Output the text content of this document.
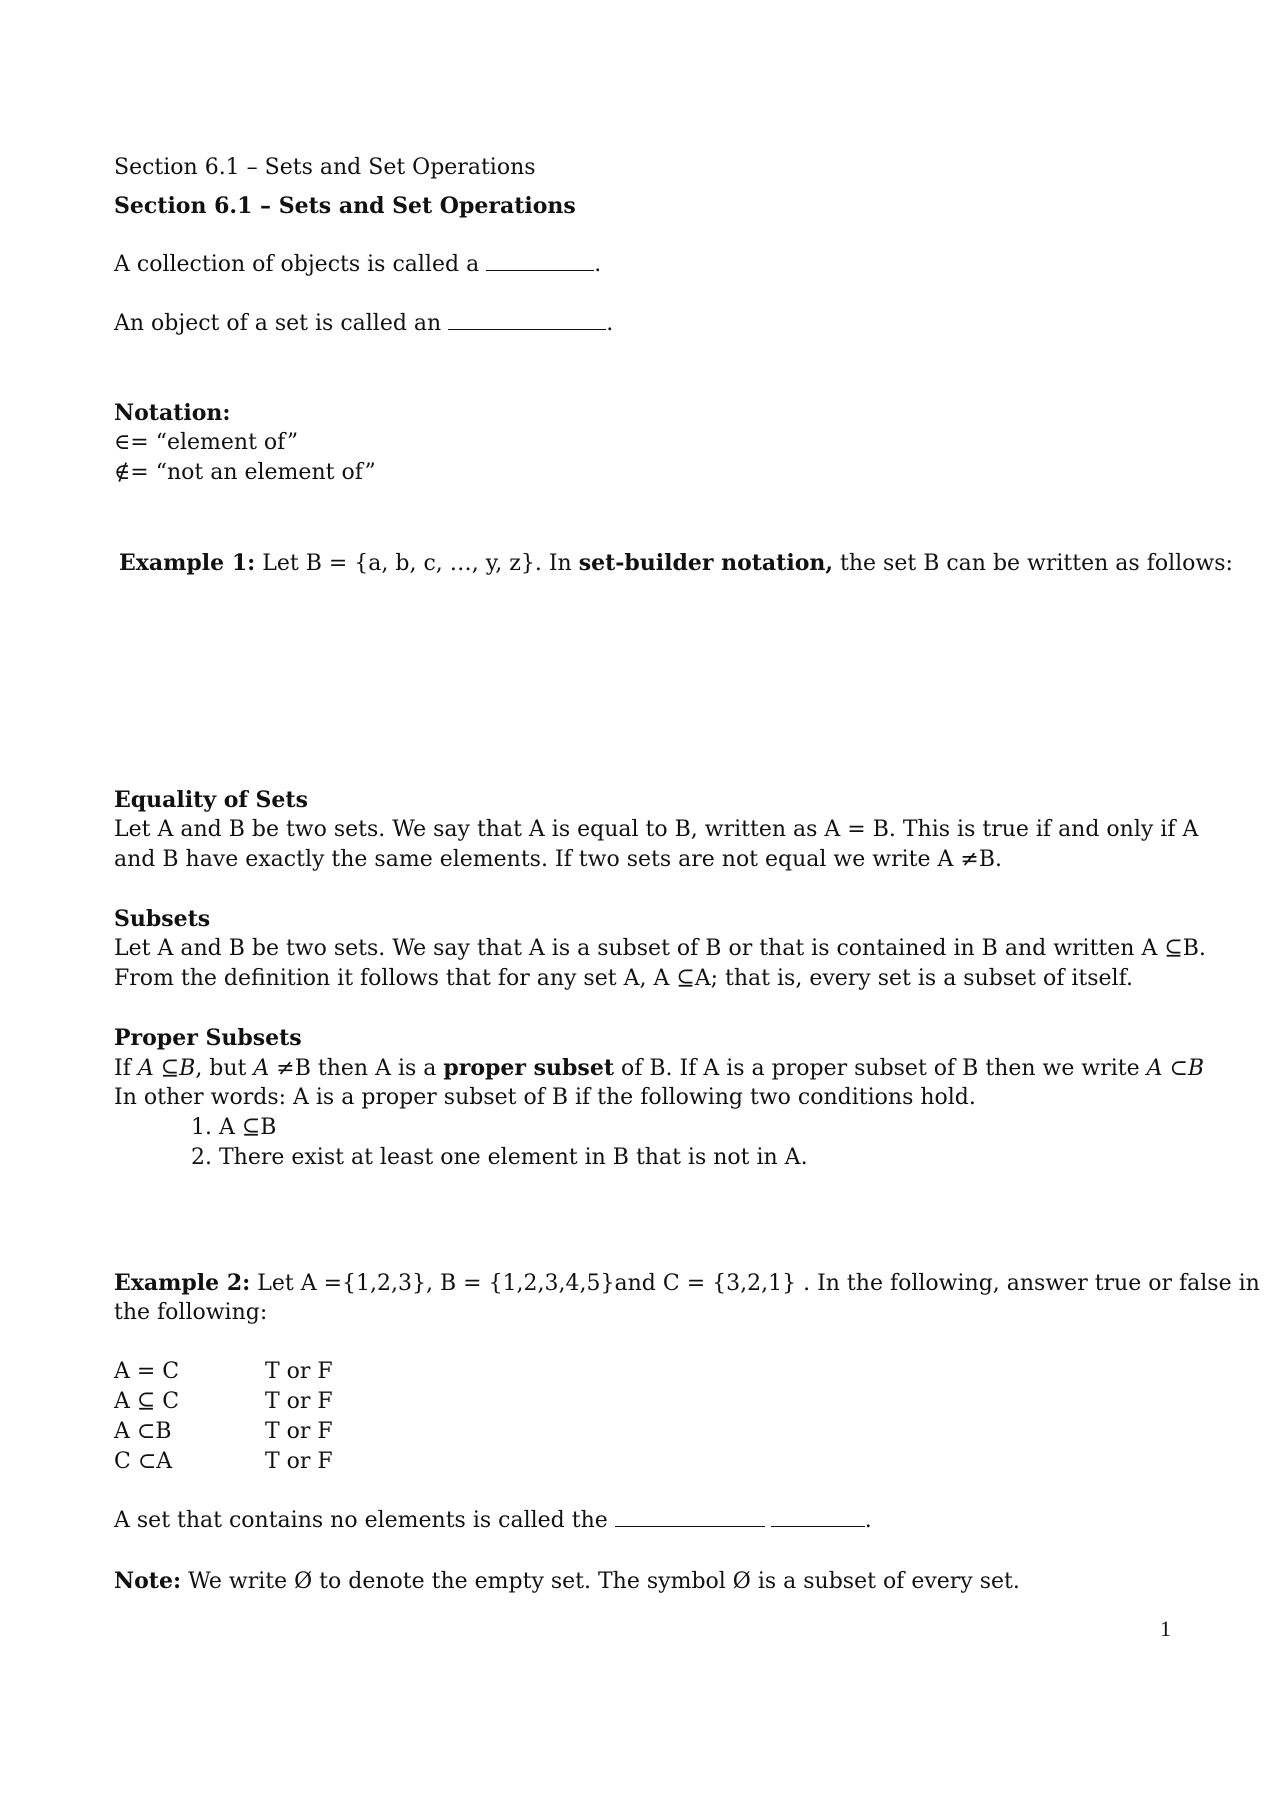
Section 6.1 – Sets and Set Operations
Section 6.1 – Sets and Set Operations
A collection of objects is called a	.
An object of a set is called an	.
Notation:
∈= “element of”
∉= “not an element of”
Example 1: Let B = {a, b, c, …, y, z}. In set-builder notation, the set B can be written as follows:
Equality of Sets
Let A and B be two sets. We say that A is equal to B, written as A = B. This is true if and only if A
and B have exactly the same elements. If two sets are not equal we write A ≠B.
Subsets
Let A and B be two sets. We say that A is a subset of B or that is contained in B and written A ⊆B.
From the definition it follows that for any set A, A ⊆A; that is, every set is a subset of itself.
Proper Subsets
If A ⊆B, but A ≠B then A is a proper subset of B. If A is a proper subset of B then we write A ⊂B
In other words: A is a proper subset of B if the following two conditions hold.
1. A ⊆B
2. There exist at least one element in B that is not in A.
Example 2: Let A ={1,2,3}, B = {1,2,3,4,5}and C = {3,2,1} . In the following, answer true or false in
the following:
A = C	T or F
A ⊆ C	T or F
A ⊂B	T or F
C ⊂A	T or F
A set that contains no elements is called the	.
Note: We write Ø to denote the empty set. The symbol Ø is a subset of every set.
1
